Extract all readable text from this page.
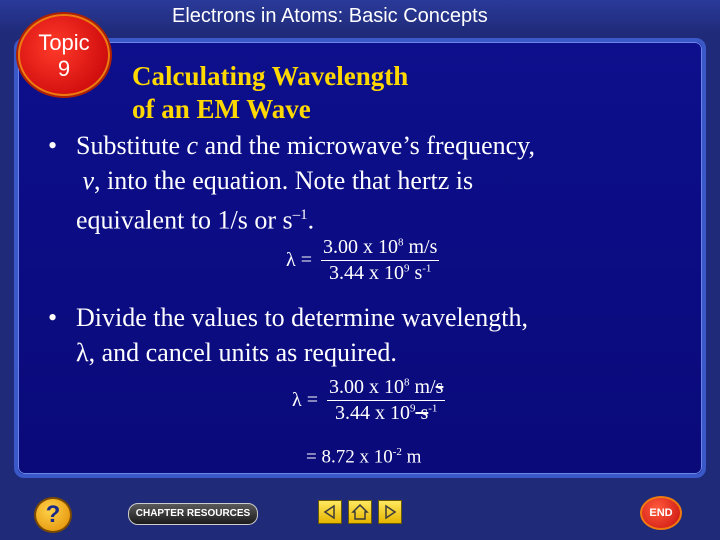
Electrons in Atoms: Basic Concepts
Topic
9	Calculating Wavelength
of an EM Wave
• Substitute c and the microwave’s frequency,
ν, into the equation. Note that hertz is
equivalent to 1/s or $s^{-1}$.
$\lambda = \frac{3.00 x 10^8 m/s}{3.44 x 10^9 s^{-1}}$
• Divide the values to determine wavelength,
λ, and cancel units as required.
$\lambda = \frac{3.00 x 10^8 m/s}{3.44 x 10^9 s^{-1}}$
= 8.72 x $10^{-2}$ m
?	CHAPTER RESOURCES	END
